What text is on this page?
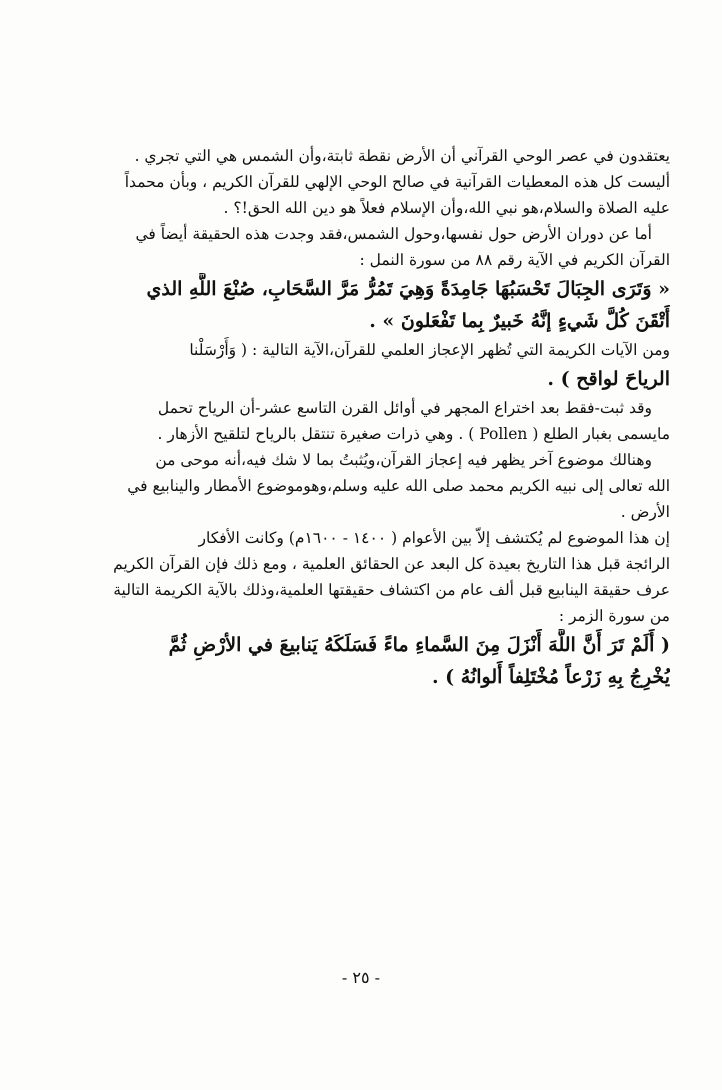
يعتقدون في عصر الوحي القرآني أن الأرض نقطة ثابتة،وأن الشمس هي التي تجري .
أليست كل هذه المعطيات القرآنية في صالح الوحي الإلهي للقرآن الكريم ، وبأن محمداً
عليه الصلاة والسلام،هو نبي الله،وأن الإسلام فعلاً هو دين الله الحق!؟ .
أما عن دوران الأرض حول نفسها،وحول الشمس،فقد وجدت هذه الحقيقة أيضاً في
القرآن الكريم في الآية رقم ٨٨ من سورة النمل :
« وَتَرَى الجِبَالَ تَحْسَبُهَا جَامِدَةً وَهِيَ تَمُرُّ مَرَّ السَّحَابِ، صُنْعَ اللَّهِ الذي
أَتْقَنَ كُلَّ شَيءٍ إنَّهُ خَبيرٌ بِما تَفْعَلونَ » .
ومن الآيات الكريمة التي تُظهر الإعجاز العلمي للقرآن،الآية التالية : ( وَأَرْسَلْنا
الرياحَ لواقح ) .
وقد ثبت-فقط بعد اختراع المجهر في أوائل القرن التاسع عشر-أن الرياح تحمل
مايسمى بغبار الطلع ( Pollen ) . وهي ذرات صغيرة تنتقل بالرياح لتلقيح الأزهار .
وهنالك موضوع آخر يظهر فيه إعجاز القرآن،ويُثبتُ بما لا شك فيه،أنه موحى من
الله تعالى إلى نبيه الكريم محمد صلى الله عليه وسلم،وهوموضوع الأمطار والينابيع في
الأرض .
إن هذا الموضوع لم يُكتشف إلاّ بين الأعوام ( ١٤٠٠ - ١٦٠٠م) وكانت الأفكار
الرائجة قبل هذا التاريخ بعيدة كل البعد عن الحقائق العلمية ، ومع ذلك فإن القرآن الكريم
عرف حقيقة الينابيع قبل ألف عام من اكتشاف حقيقتها العلمية،وذلك بالآية الكريمة التالية
من سورة الزمر :
( أَلَمْ تَرَ أَنَّ اللَّهَ أَنْزَلَ مِنَ السَّماءِ ماءً فَسَلَكَهُ يَنابيعَ في الأرْضِ ثُمَّ
يُخْرِجُ بِهِ زَرْعاً مُخْتَلِفاً أَلوانُهُ ) .
- ٢٥ -
